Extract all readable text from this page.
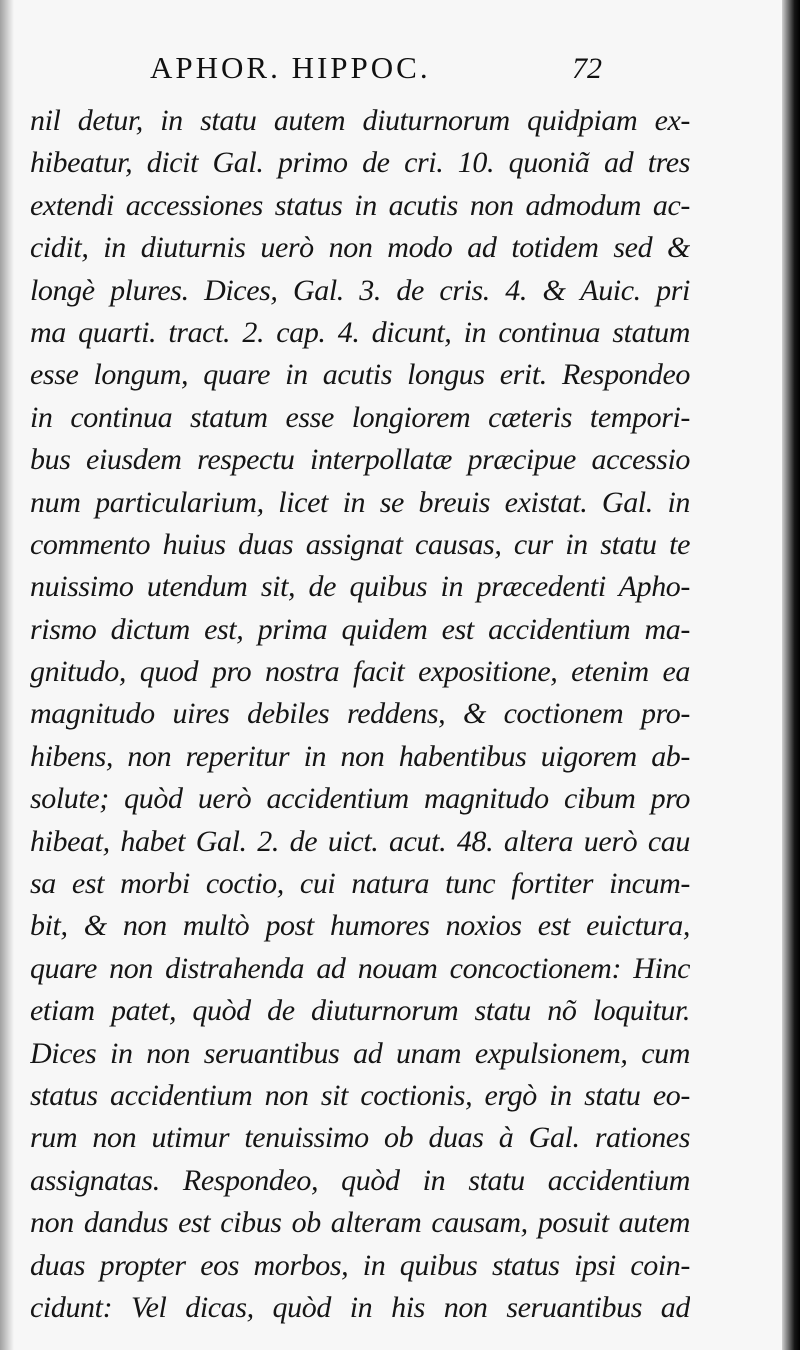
APHOR. HIPPOC.	72
nil detur, in statu autem diuturnorum quidpiam ex-
hibeatur, dicit Gal. primo de cri. 10. quoniã ad tres
extendi accessiones status in acutis non admodum ac-
cidit, in diuturnis uerò non modo ad totidem sed &
longè plures. Dices, Gal. 3. de cris. 4. & Auic. pri
ma quarti. tract. 2. cap. 4. dicunt, in continua statum
esse longum, quare in acutis longus erit. Respondeo
in continua statum esse longiorem cæteris tempori-
bus eiusdem respectu interpollatæ præcipue accessio
num particularium, licet in se breuis existat. Gal. in
commento huius duas assignat causas, cur in statu te
nuissimo utendum sit, de quibus in præcedenti Apho-
rismo dictum est, prima quidem est accidentium ma-
gnitudo, quod pro nostra facit expositione, etenim ea
magnitudo uires debiles reddens, & coctionem pro-
hibens, non reperitur in non habentibus uigorem ab-
solute; quòd uerò accidentium magnitudo cibum pro
hibeat, habet Gal. 2. de uict. acut. 48. altera uerò cau
sa est morbi coctio, cui natura tunc fortiter incum-
bit, & non multò post humores noxios est euictura,
quare non distrahenda ad nouam concoctionem: Hinc
etiam patet, quòd de diuturnorum statu nõ loquitur.
Dices in non seruantibus ad unam expulsionem, cum
status accidentium non sit coctionis, ergò in statu eo-
rum non utimur tenuissimo ob duas à Gal. rationes
assignatas. Respondeo, quòd in statu accidentium
non dandus est cibus ob alteram causam, posuit autem
duas propter eos morbos, in quibus status ipsi coin-
cidunt: Vel dicas, quòd in his non seruantibus ad
